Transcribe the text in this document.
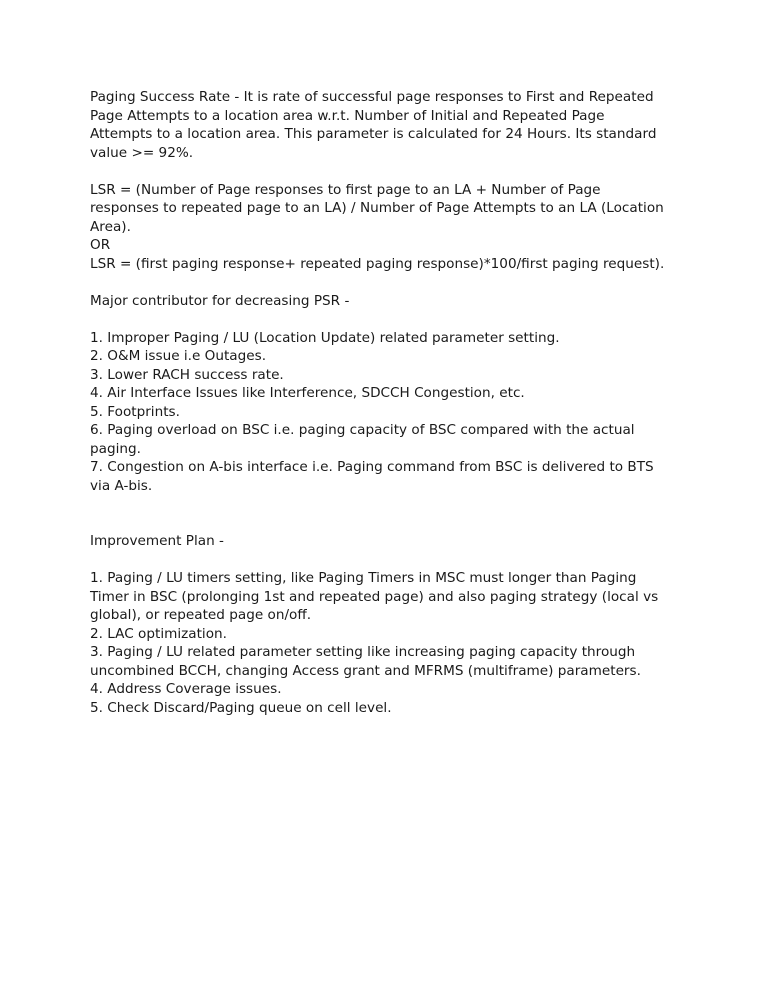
Paging Success Rate - It is rate of successful page responses to First and Repeated
Page Attempts to a location area w.r.t. Number of Initial and Repeated Page
Attempts to a location area. This parameter is calculated for 24 Hours. Its standard
value >= 92%.
LSR = (Number of Page responses to first page to an LA + Number of Page
responses to repeated page to an LA) / Number of Page Attempts to an LA (Location
Area).
OR
LSR = (first paging response+ repeated paging response)*100/first paging request).
Major contributor for decreasing PSR -
1. Improper Paging / LU (Location Update) related parameter setting.
2. O&M issue i.e Outages.
3. Lower RACH success rate.
4. Air Interface Issues like Interference, SDCCH Congestion, etc.
5. Footprints.
6. Paging overload on BSC i.e. paging capacity of BSC compared with the actual
paging.
7. Congestion on A-bis interface i.e. Paging command from BSC is delivered to BTS
via A-bis.
Improvement Plan -
1. Paging / LU timers setting, like Paging Timers in MSC must longer than Paging
Timer in BSC (prolonging 1st and repeated page) and also paging strategy (local vs
global), or repeated page on/off.
2. LAC optimization.
3. Paging / LU related parameter setting like increasing paging capacity through
uncombined BCCH, changing Access grant and MFRMS (multiframe) parameters.
4. Address Coverage issues.
5. Check Discard/Paging queue on cell level.
